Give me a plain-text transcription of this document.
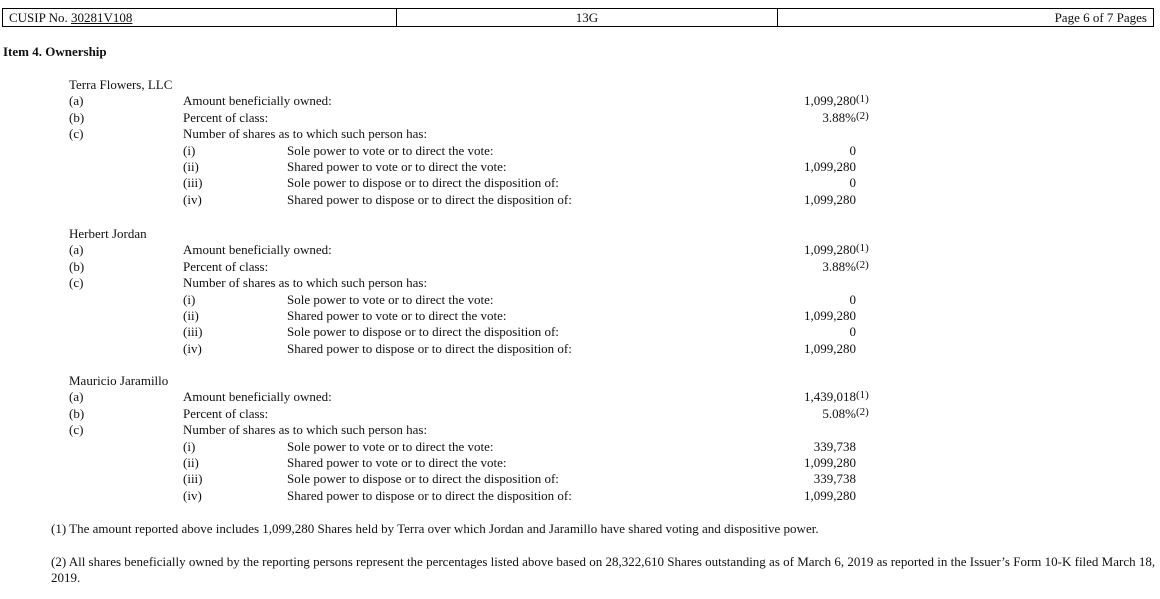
CUSIP No. 30281V108	13G	Page 6 of 7 Pages
Item 4. Ownership
Terra Flowers, LLC
(a)	Amount beneficially owned:	1,099,280(1)
(b)	Percent of class:	3.88%(2)
(c)	Number of shares as to which such person has:
(i)	Sole power to vote or to direct the vote:	0
(ii)	Shared power to vote or to direct the vote:	1,099,280
(iii)	Sole power to dispose or to direct the disposition of:	0
(iv)	Shared power to dispose or to direct the disposition of:	1,099,280
Herbert Jordan
(a)	Amount beneficially owned:	1,099,280(1)
(b)	Percent of class:	3.88%(2)
(c)	Number of shares as to which such person has:
(i)	Sole power to vote or to direct the vote:	0
(ii)	Shared power to vote or to direct the vote:	1,099,280
(iii)	Sole power to dispose or to direct the disposition of:	0
(iv)	Shared power to dispose or to direct the disposition of:	1,099,280
Mauricio Jaramillo
(a)	Amount beneficially owned:	1,439,018(1)
(b)	Percent of class:	5.08%(2)
(c)	Number of shares as to which such person has:
(i)	Sole power to vote or to direct the vote:	339,738
(ii)	Shared power to vote or to direct the vote:	1,099,280
(iii)	Sole power to dispose or to direct the disposition of:	339,738
(iv)	Shared power to dispose or to direct the disposition of:	1,099,280
(1) The amount reported above includes 1,099,280 Shares held by Terra over which Jordan and Jaramillo have shared voting and dispositive power.
(2) All shares beneficially owned by the reporting persons represent the percentages listed above based on 28,322,610 Shares outstanding as of March 6, 2019 as reported in the Issuer’s Form 10-K filed March 18, 2019.
